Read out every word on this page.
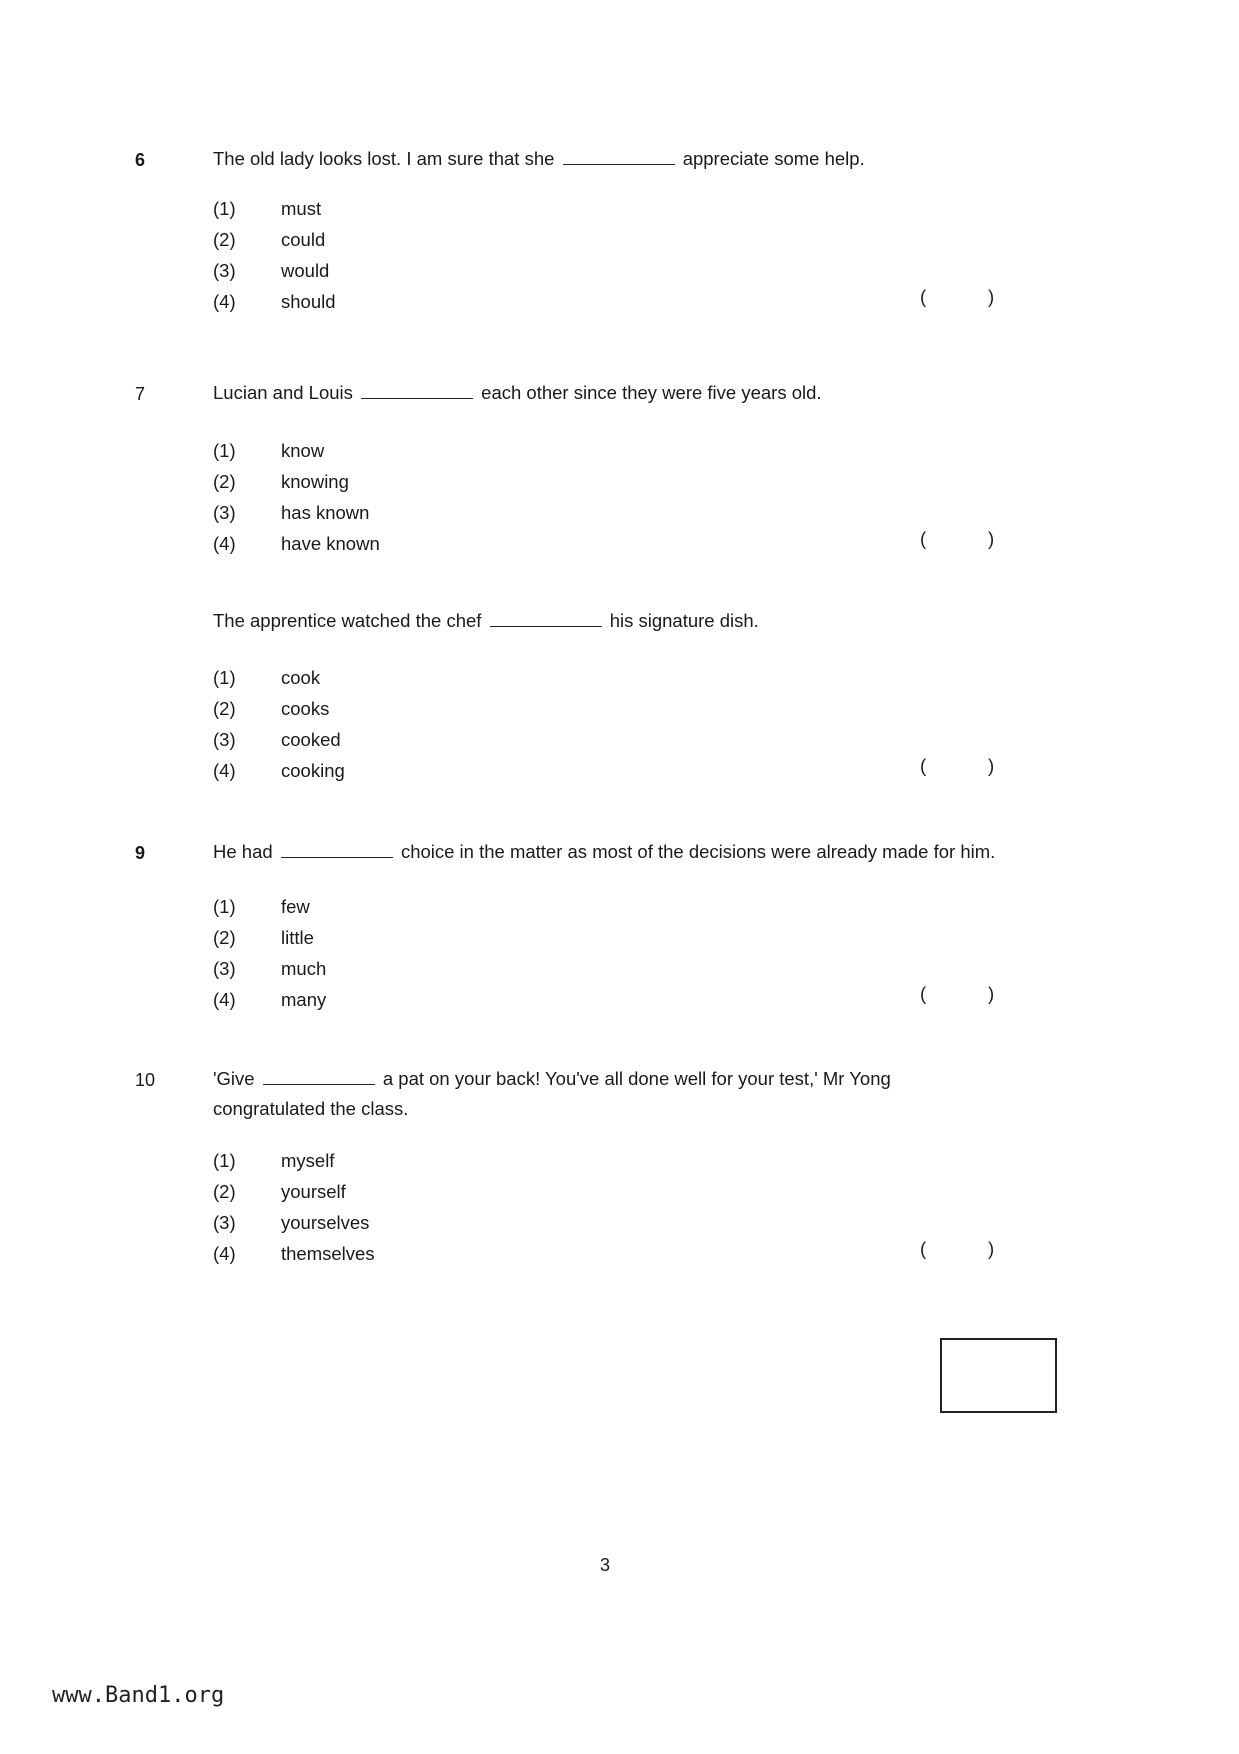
6	The old lady looks lost. I am sure that she	appreciate some help.
(1) must
(2) could
(3) would
(4) should	(	)
7	Lucian and Louis	each other since they were five years old.
(1) know
(2) knowing
(3) has known
(4) have known	(	)
The apprentice watched the chef	his signature dish.
(1) cook
(2) cooks
(3) cooked
(4) cooking	(	)
9	He had	choice in the matter as most of the decisions were already made for him.
(1) few
(2) little
(3) much
(4) many	(	)
10	'Give	a pat on your back! You've all done well for your test,' Mr Yong congratulated the class.
(1) myself
(2) yourself
(3) yourselves
(4) themselves	(	)
3
www.Band1.org
